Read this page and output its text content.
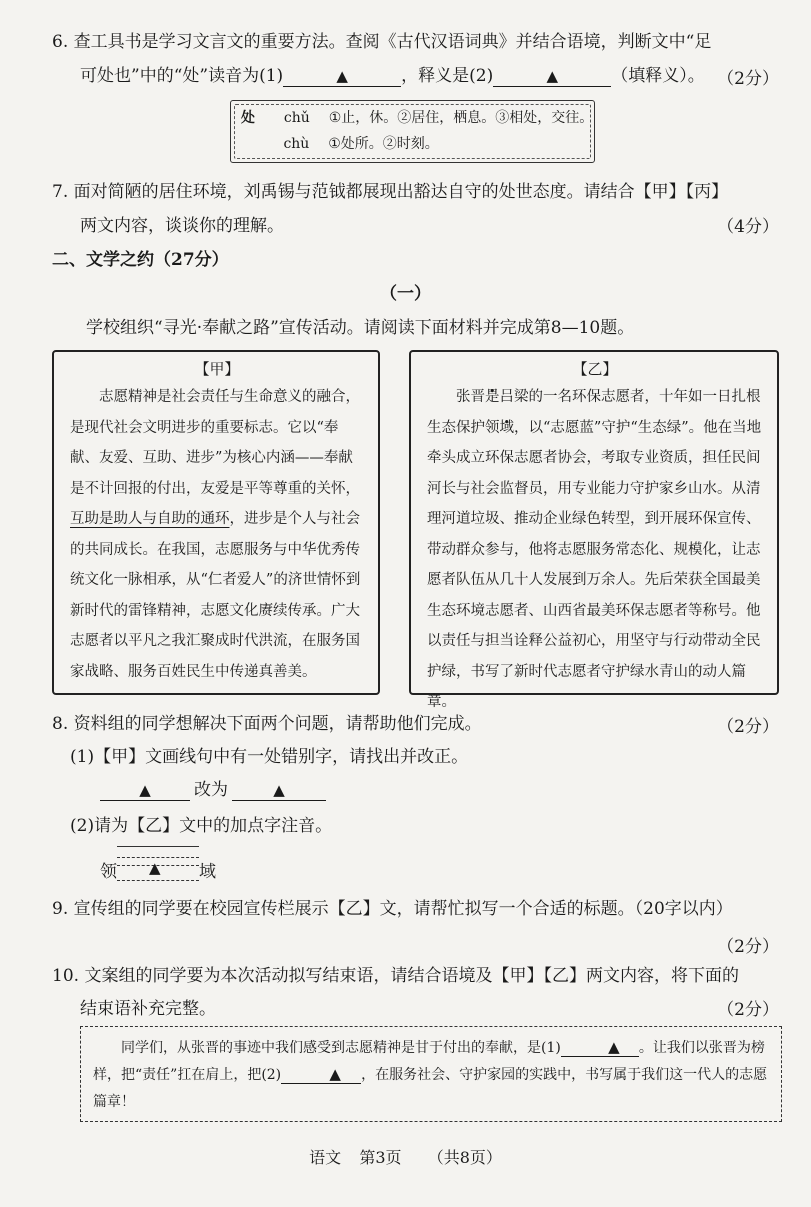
6. 查工具书是学习文言文的重要方法。查阅《古代汉语词典》并结合语境，判断文中“足
可处也”中的“处”读音为(1)	▲	，释义是(2)	▲	（填释义）。 （2分）
处 chǔ ①止，休。②居住，栖息。③相处，交往。
chù ①处所。②时刻。
7. 面对简陋的居住环境，刘禹锡与范钺都展现出豁达自守的处世态度。请结合【甲】【丙】
两文内容，谈谈你的理解。	（4分）
二、文学之约（27分）
（一）
学校组织“寻光·奉献之路”宣传活动。请阅读下面材料并完成第8—10题。
【甲】

志愿精神是社会责任与生命意义的融合，是现代社会文明进步的重要标志。它以“奉献、友爱、互助、进步”为核心内涵——奉献是不计回报的付出，友爱是平等尊重的关怀，互助是助人与自助的通环，进步是个人与社会的共同成长。在我国，志愿服务与中华优秀传统文化一脉相承，从“仁者爱人”的济世情怀到新时代的雷锋精神，志愿文化赓续传承。广大志愿者以平凡之我汇聚成时代洪流，在服务国家战略、服务百姓民生中传递真善美。

【乙】

张晋是吕梁的一名环保志愿者，十年如一日扎根生态保护领域，以“志愿蓝”守护“生态绿”。他在当地牵头成立环保志愿者协会，考取专业资质，担任民间河长与社会监督员，用专业能力守护家乡山水。从清理河道垃圾、推动企业绿色转型，到开展环保宣传、带动群众参与，他将志愿服务常态化、规模化，让志愿者队伍从几十人发展到万余人。先后荣获全国最美生态环境志愿者、山西省最美环保志愿者等称号。他以责任与担当诠释公益初心，用坚守与行动带动全民护绿，书写了新时代志愿者守护绿水青山的动人篇章。

8. 资料组的同学想解决下面两个问题，请帮助他们完成。	（2分）
(1)【甲】文画线句中有一处错别字，请找出并改正。
▲	改为	▲
(2)请为【乙】文中的加点字注音。
领 ▲ 域
9. 宣传组的同学要在校园宣传栏展示【乙】文，请帮忙拟写一个合适的标题。（20字以内）
（2分）
10. 文案组的同学要为本次活动拟写结束语，请结合语境及【甲】【乙】两文内容，将下面的
结束语补充完整。	（2分）

同学们，从张晋的事迹中我们感受到志愿精神是甘于付出的奉献，是(1)	▲ 。让我们以张晋为榜样，把“责任”扛在肩上，把(2)	▲ ，在服务社会、守护家园的实践中，书写属于我们这一代人的志愿篇章！

语文 第3页 （共8页）
